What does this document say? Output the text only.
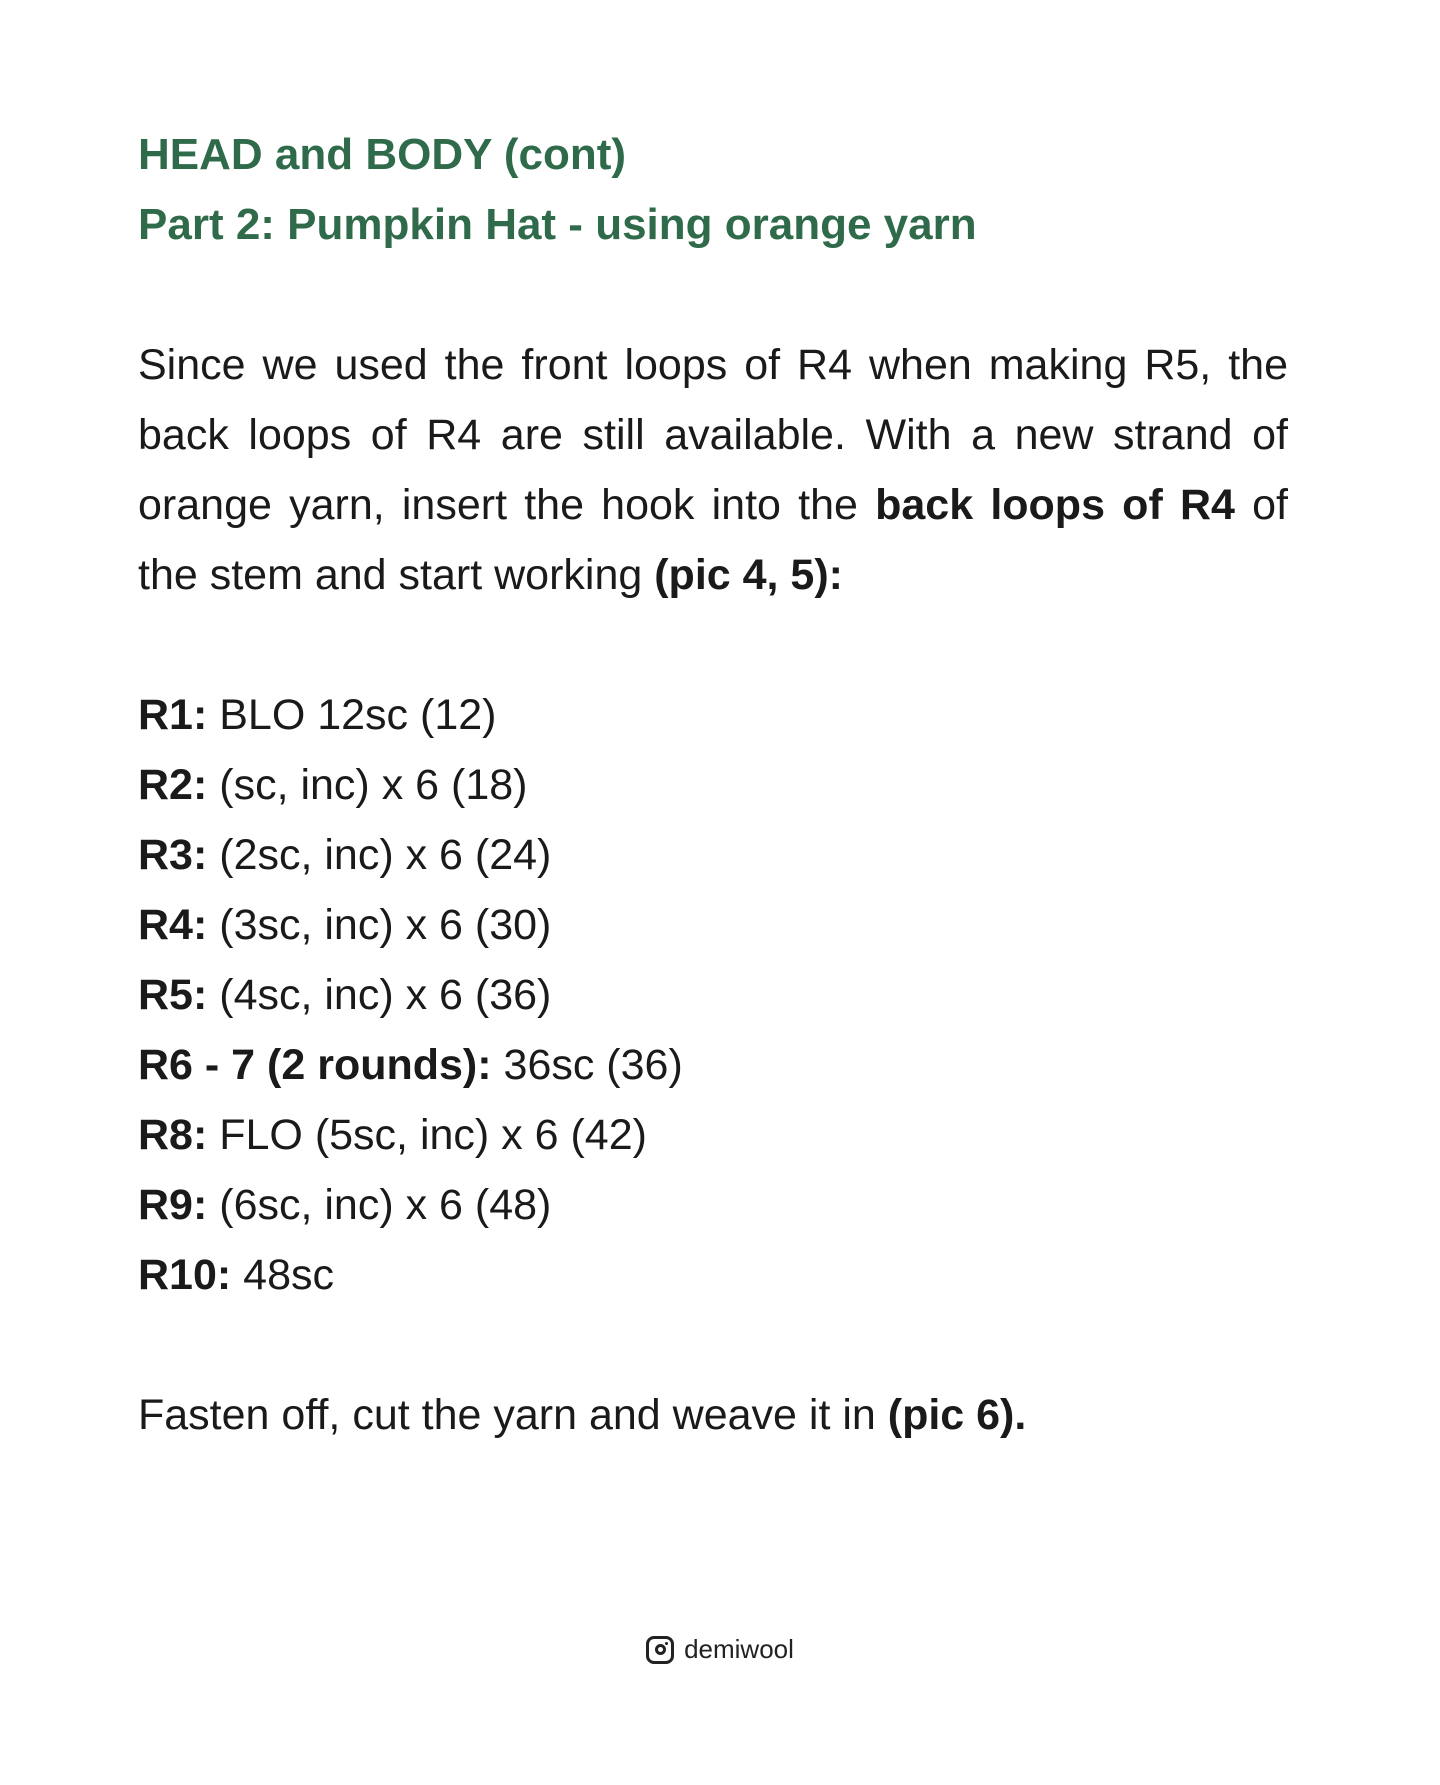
HEAD and BODY (cont)
Part 2: Pumpkin Hat - using orange yarn

Since we used the front loops of R4 when making R5, the back loops of R4 are still available. With a new strand of orange yarn, insert the hook into the back loops of R4 of the stem and start working (pic 4, 5):

R1: BLO 12sc (12)
R2: (sc, inc) x 6 (18)
R3: (2sc, inc) x 6 (24)
R4: (3sc, inc) x 6 (30)
R5: (4sc, inc) x 6 (36)
R6 - 7 (2 rounds): 36sc (36)
R8: FLO (5sc, inc) x 6 (42)
R9: (6sc, inc) x 6 (48)
R10: 48sc

Fasten off, cut the yarn and weave it in (pic 6).

demiwool
